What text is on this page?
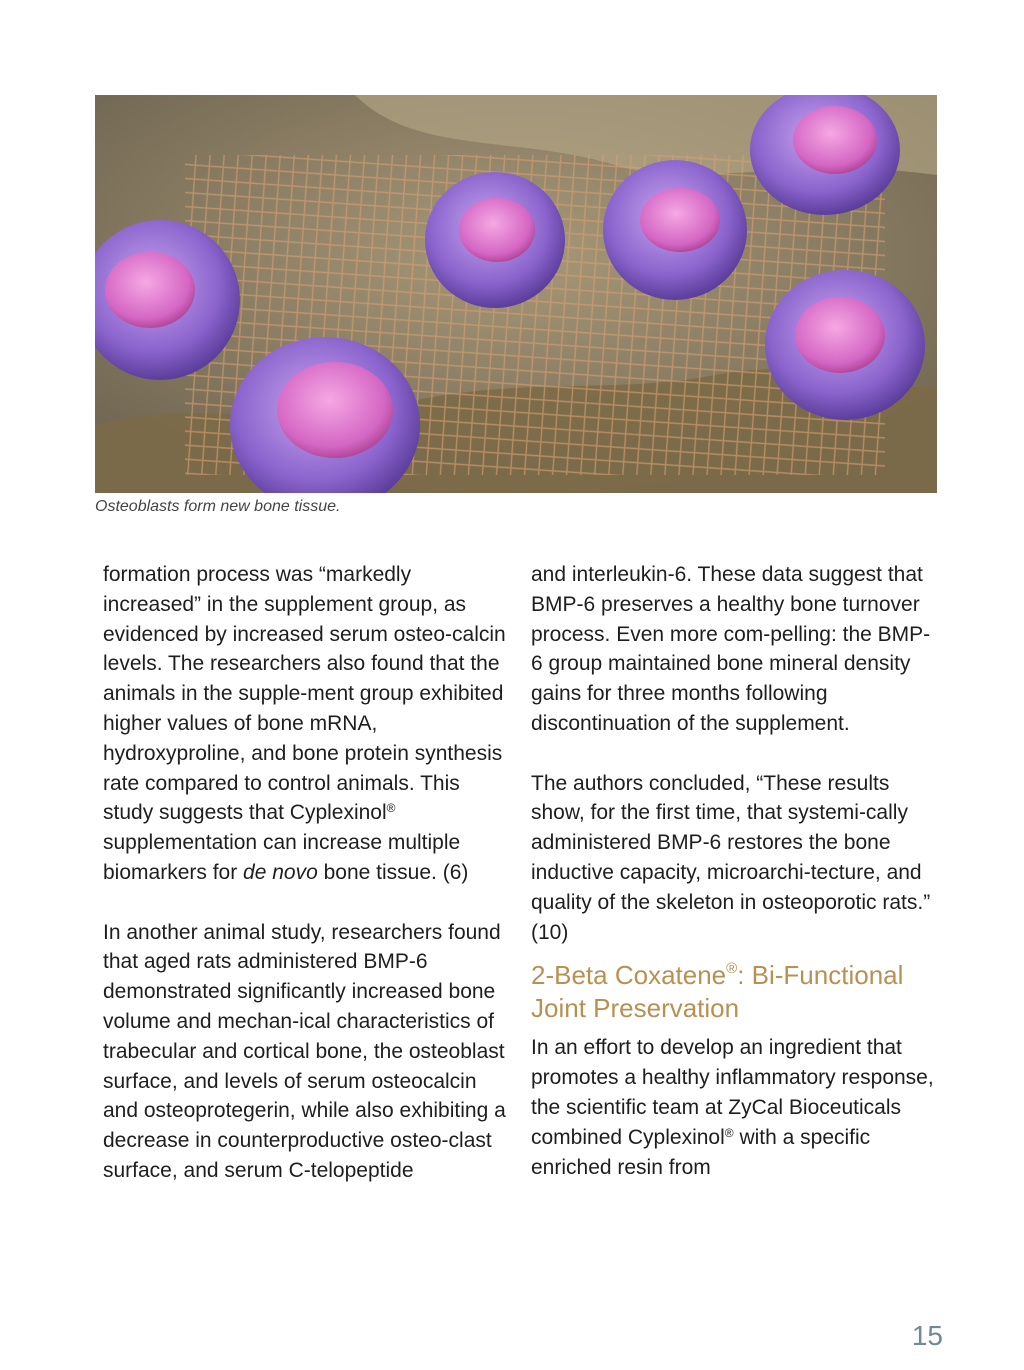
Osteoblasts form new bone tissue.

formation process was “markedly increased” in the supplement group, as evidenced by increased serum osteo-calcin levels. The researchers also found that the animals in the supple-ment group exhibited higher values of bone mRNA, hydroxyproline, and bone protein synthesis rate compared to control animals. This study suggests that Cyplexinol® supplementation can increase multiple biomarkers for de novo bone tissue. (6)

In another animal study, researchers found that aged rats administered BMP-6 demonstrated significantly increased bone volume and mechan-ical characteristics of trabecular and cortical bone, the osteoblast surface, and levels of serum osteocalcin and osteoprotegerin, while also exhibiting a decrease in counterproductive osteo-clast surface, and serum C-telopeptide

and interleukin-6. These data suggest that BMP-6 preserves a healthy bone turnover process. Even more com-pelling: the BMP-6 group maintained bone mineral density gains for three months following discontinuation of the supplement.

The authors concluded, “These results show, for the first time, that systemi-cally administered BMP-6 restores the bone inductive capacity, microarchi-tecture, and quality of the skeleton in osteoporotic rats.” (10)

2-Beta Coxatene®: Bi-Functional Joint Preservation

In an effort to develop an ingredient that promotes a healthy inflammatory response, the scientific team at ZyCal Bioceuticals combined Cyplexinol® with a specific enriched resin from

15
